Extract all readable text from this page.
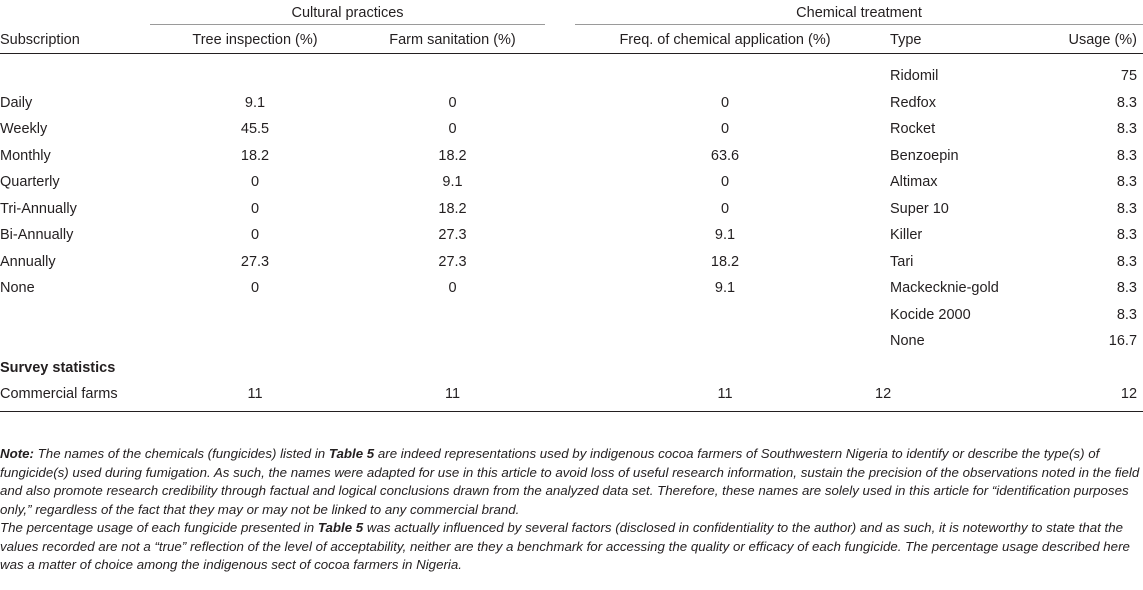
	Cultural practices			Chemical treatment		

Subscription	Tree inspection (%)	Farm sanitation (%)		Freq. of chemical application (%)	Type	Usage (%)
					Ridomil	75
Daily	9.1	0		0	Redfox	8.3
Weekly	45.5	0		0	Rocket	8.3
Monthly	18.2	18.2		63.6	Benzoepin	8.3
Quarterly	0	9.1		0	Altimax	8.3
Tri-Annually	0	18.2		0	Super 10	8.3
Bi-Annually	0	27.3		9.1	Killer	8.3
Annually	27.3	27.3		18.2	Tari	8.3
None	0	0		9.1	Mackecknie-gold	8.3
					Kocide 2000	8.3
					None	16.7
Survey statistics						
Commercial farms	11	11		11	12	12

Note: The names of the chemicals (fungicides) listed in Table 5 are indeed representations used by indigenous cocoa farmers of Southwestern Nigeria to identify or describe the type(s) of fungicide(s) used during fumigation. As such, the names were adapted for use in this article to avoid loss of useful research information, sustain the precision of the observations noted in the field and also promote research credibility through factual and logical conclusions drawn from the analyzed data set. Therefore, these names are solely used in this article for “identification purposes only,” regardless of the fact that they may or may not be linked to any commercial brand.

The percentage usage of each fungicide presented in Table 5 was actually influenced by several factors (disclosed in confidentiality to the author) and as such, it is noteworthy to state that the values recorded are not a “true” reflection of the level of acceptability, neither are they a benchmark for accessing the quality or efficacy of each fungicide. The percentage usage described here was a matter of choice among the indigenous sect of cocoa farmers in Nigeria.
